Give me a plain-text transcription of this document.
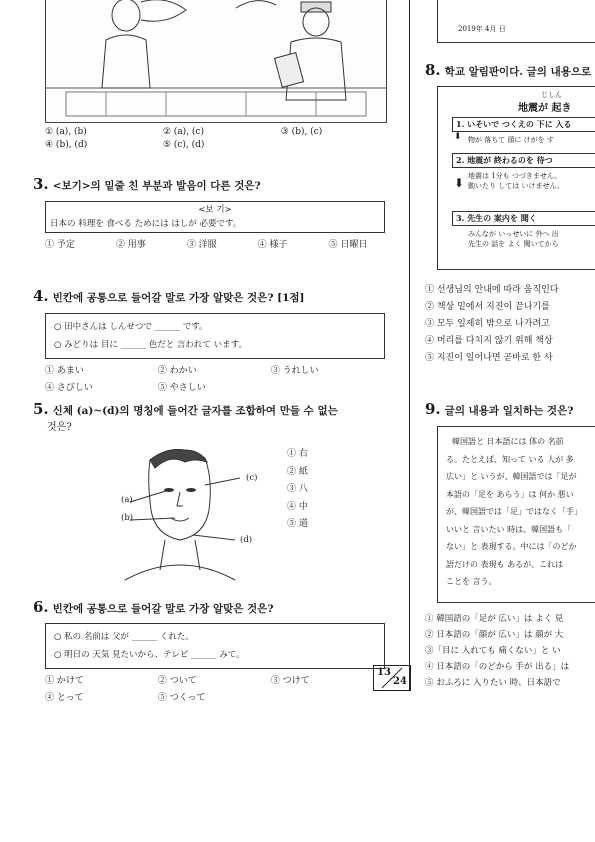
① (a), (b)	② (a), (c)	③ (b), (c)
④ (b), (d)	⑤ (c), (d)
3. <보기>의 밑줄 친 부분과 발음이 다른 것은?
<보 기>
日本の 料理を 食べる ためには はしが 必要です。
① 予定	② 用事	③ 洋服	④ 様子	⑤ 日曜日
4. 빈칸에 공통으로 들어갈 말로 가장 알맞은 것은? [1점]
○ 田中さんは しんせつで ______ です。
○ みどりは 目に ______ 色だと 言われて います。
① あまい	② わかい	③ うれしい
④ さびしい	⑤ やさしい
5. 신체 (a)~(d)의 명칭에 들어간 글자를 조합하여 만들 수 없는
것은?
(c)
(a)
(b)
(d)
① 右
② 紙
③ 八
④ 中
⑤ 道
6. 빈칸에 공통으로 들어갈 말로 가장 알맞은 것은?
○ 私の 名前は 父が ______ くれた。
○ 明日の 天気 見たいから、テレビ ______ みて。
① かけて	② ついて	③ つけて
④ とって	⑤ つくって
2019年 4月 日
8. 학교 알림판이다. 글의 내용으로
じしん
地震が 起き
1. いそいで つくえの 下に 入る
⬇ 物が 落ちて 頭に けがを す
2. 地震が 終わるのを 待つ
⬇ 地震は 1分も つづきません。
動いたり しては いけません。
3. 先生の 案内を 聞く
みんなが いっせいに 外へ 出
先生の 話を よく 聞いてから
① 선생님의 안내에 따라 움직인다
② 책상 밑에서 지진이 끝나기를
③ 모두 일제히 밖으로 나가려고
④ 머리를 다치지 않기 위해 책상
⑤ 지진이 일어나면 곧바로 한 사
9. 글의 내용과 일치하는 것은?
韓国語と 日本語には 体の 名前
る。たとえば、知って いる 人が 多
広い」と いうが、韓国語では「足が
本語の「足を あらう」は 何か 悪い
が、韓国語では「足」ではなく「手」
いいと 言いたい 時は、韓国語も「
ない」と 表現する。中には「のどか
語だけの 表現も あるが、これは
ことを 言う。
① 韓国語の「足が 広い」は よく 見
② 日本語の「顔が 広い」は 顔が 大
③「目に 入れても 痛くない」と い
④ 日本語の「のどから 手が 出る」は
⑤ おふろに 入りたい 時、日本語で
13
24
